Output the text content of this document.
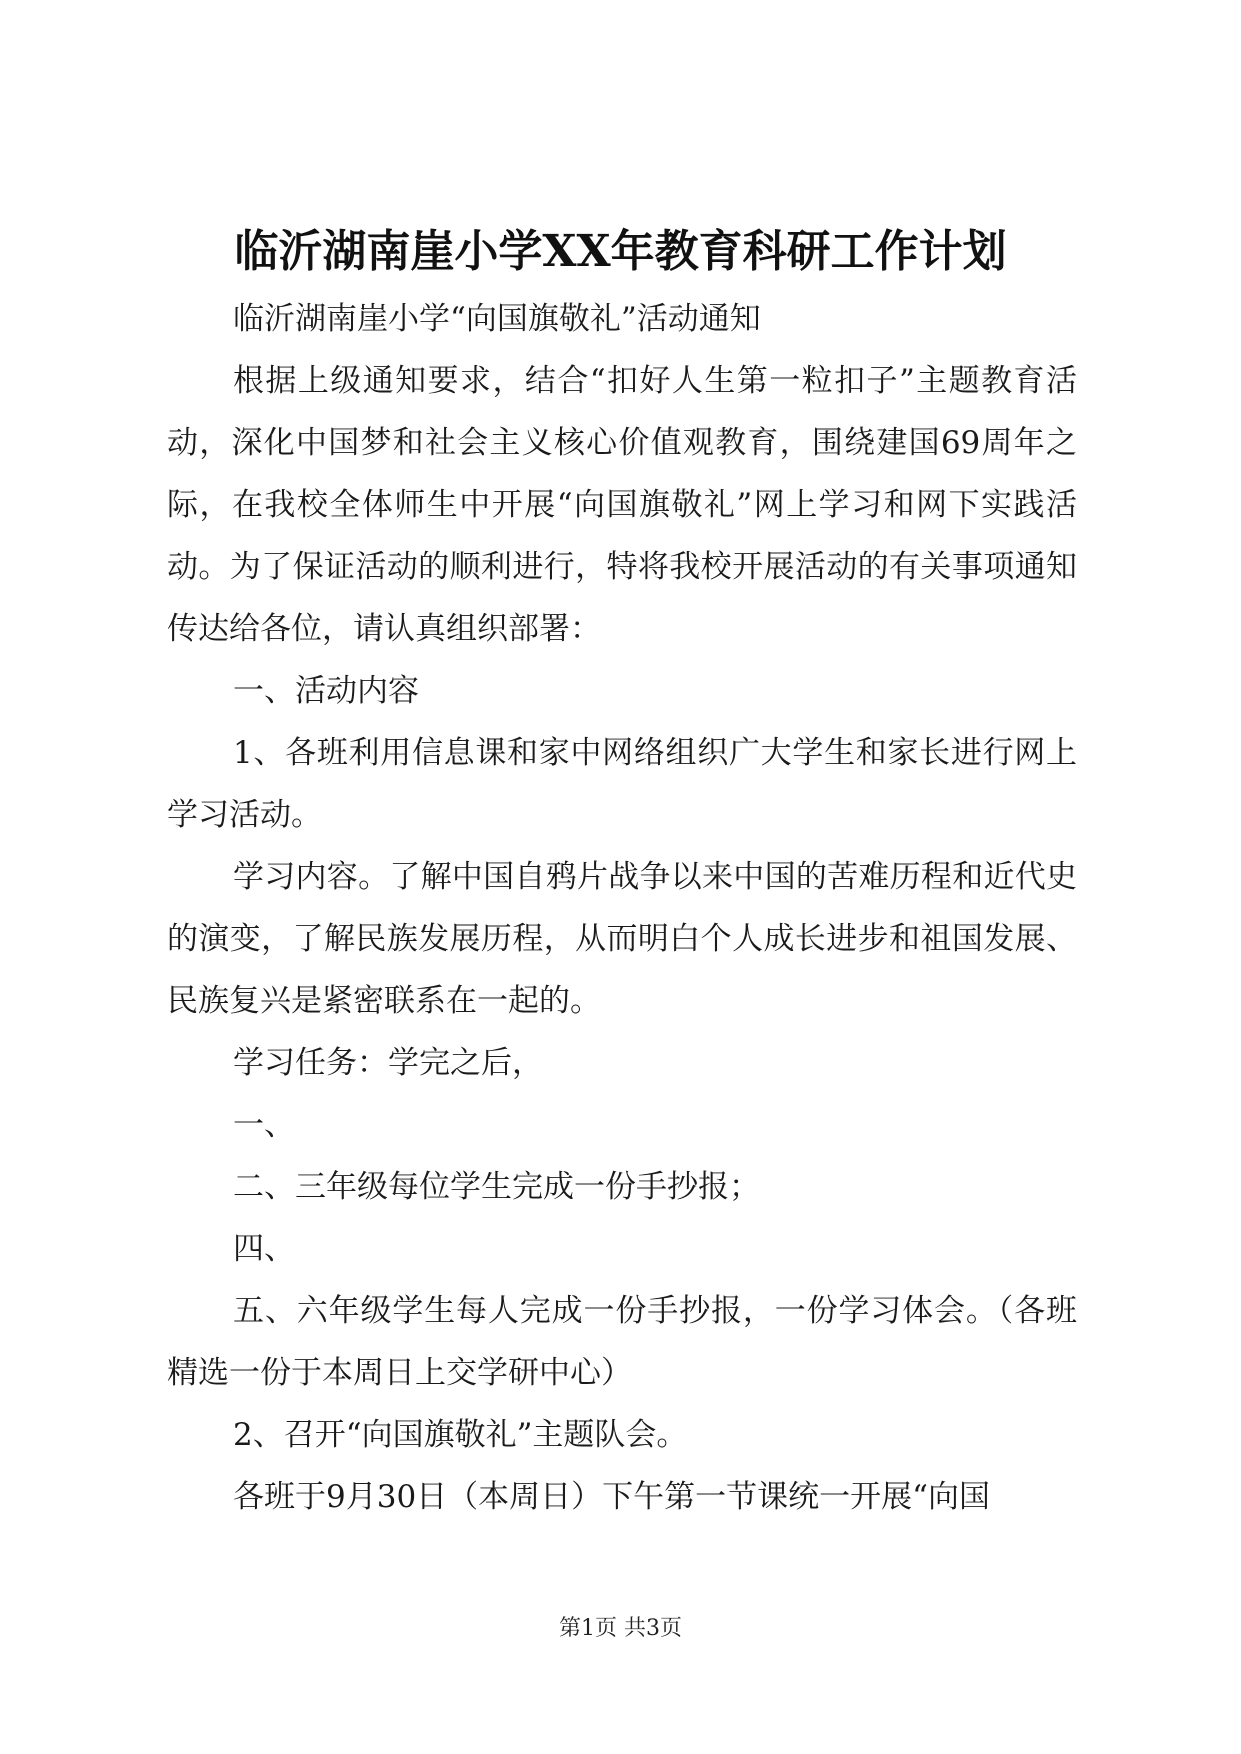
临沂湖南崖小学XX年教育科研工作计划

临沂湖南崖小学“向国旗敬礼”活动通知

根据上级通知要求，结合“扣好人生第一粒扣子”主题教育活动，深化中国梦和社会主义核心价值观教育，围绕建国69周年之际，在我校全体师生中开展“向国旗敬礼”网上学习和网下实践活动。为了保证活动的顺利进行，特将我校开展活动的有关事项通知传达给各位，请认真组织部署：

一、活动内容

1、各班利用信息课和家中网络组织广大学生和家长进行网上学习活动。

学习内容。了解中国自鸦片战争以来中国的苦难历程和近代史的演变，了解民族发展历程，从而明白个人成长进步和祖国发展、民族复兴是紧密联系在一起的。

学习任务：学完之后，

一、

二、三年级每位学生完成一份手抄报；

四、

五、六年级学生每人完成一份手抄报，一份学习体会。（各班精选一份于本周日上交学研中心）

2、召开“向国旗敬礼”主题队会。

各班于9月30日（本周日）下午第一节课统一开展“向国

第1页 共3页
